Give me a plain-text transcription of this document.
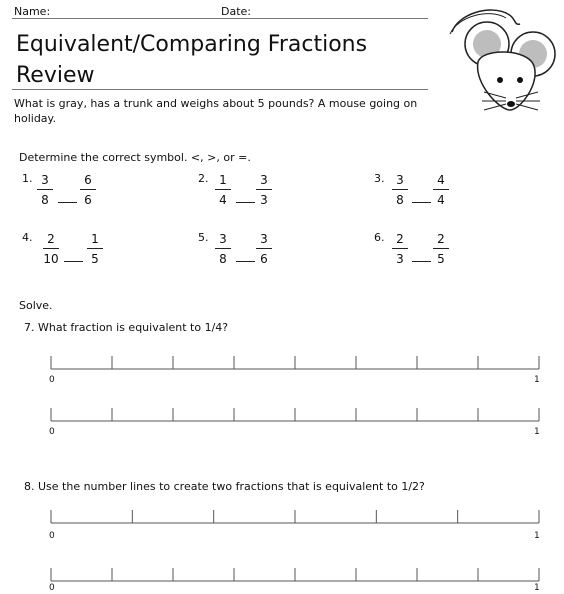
Name:	Date:
Equivalent/Comparing Fractions
Review
What is gray, has a trunk and weighs about 5 pounds? A mouse going on
holiday.
Determine the correct symbol. <, >, or =.
1. 3
8
6
6
2. 1
4
3
3
3. 3
8
4
4
4.	2
10
1
5
5. 3
8
3
6
6. 2
3
2
5
Solve.
7. What fraction is equivalent to 1/4?
0	1
0	1
8. Use the number lines to create two fractions that is equivalent to 1/2?
0	1
0	1
